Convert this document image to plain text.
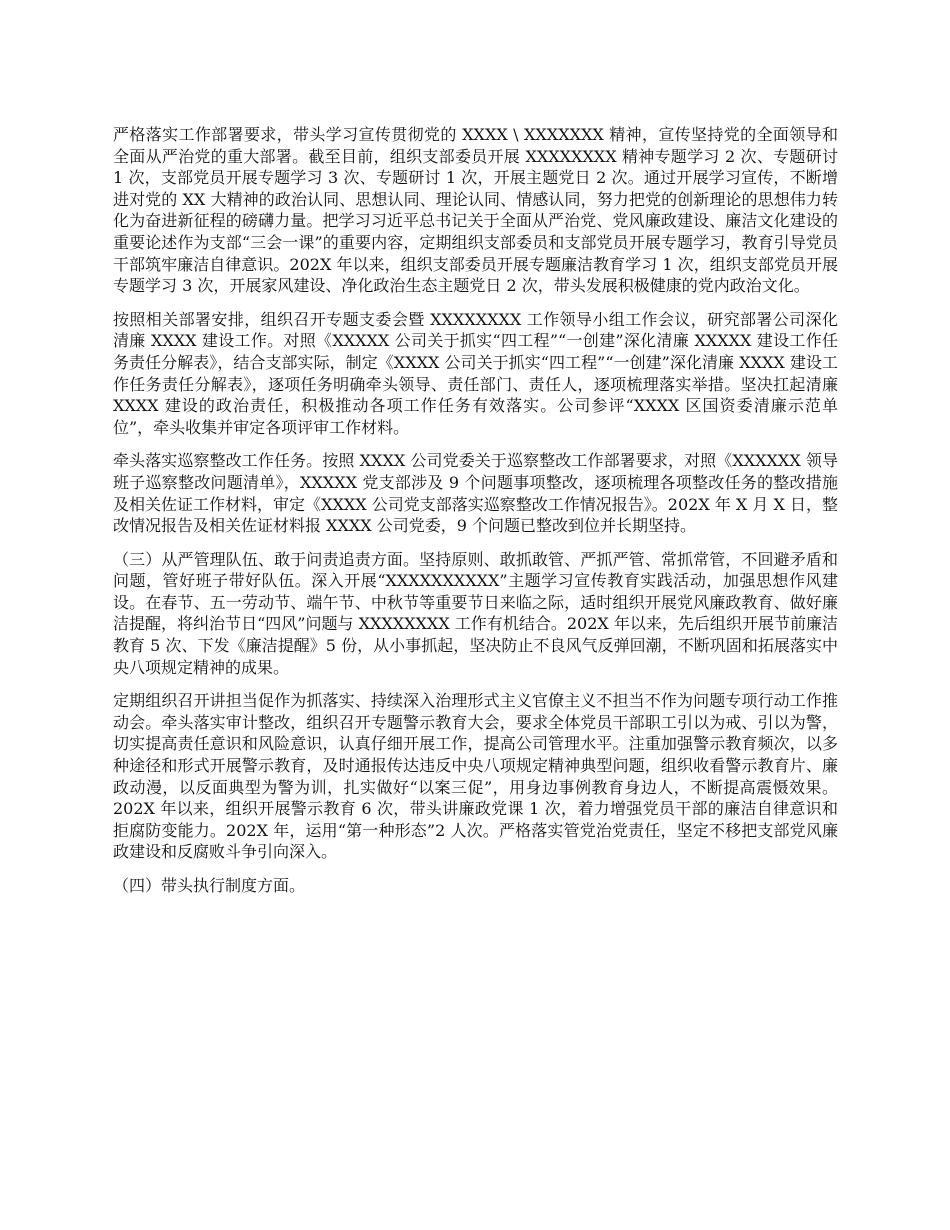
严格落实工作部署要求，带头学习宣传贯彻党的 XXXX \ XXXXXXX 精神，宣传坚持党的全面领导和全面从严治党的重大部署。截至目前，组织支部委员开展 XXXXXXXX 精神专题学习 2 次、专题研讨 1 次，支部党员开展专题学习 3 次、专题研讨 1 次，开展主题党日 2 次。通过开展学习宣传，不断增进对党的 XX 大精神的政治认同、思想认同、理论认同、情感认同，努力把党的创新理论的思想伟力转化为奋进新征程的磅礴力量。把学习习近平总书记关于全面从严治党、党风廉政建设、廉洁文化建设的重要论述作为支部“三会一课”的重要内容，定期组织支部委员和支部党员开展专题学习，教育引导党员干部筑牢廉洁自律意识。202X 年以来，组织支部委员开展专题廉洁教育学习 1 次，组织支部党员开展专题学习 3 次，开展家风建设、净化政治生态主题党日 2 次，带头发展积极健康的党内政治文化。

按照相关部署安排，组织召开专题支委会暨 XXXXXXXX 工作领导小组工作会议，研究部署公司深化清廉 XXXX 建设工作。对照《XXXXX 公司关于抓实“四工程”“一创建”深化清廉 XXXXX 建设工作任务责任分解表》，结合支部实际，制定《XXXX 公司关于抓实“四工程”“一创建”深化清廉 XXXX 建设工作任务责任分解表》，逐项任务明确牵头领导、责任部门、责任人，逐项梳理落实举措。坚决扛起清廉 XXXX 建设的政治责任，积极推动各项工作任务有效落实。公司参评“XXXX 区国资委清廉示范单位”，牵头收集并审定各项评审工作材料。

牵头落实巡察整改工作任务。按照 XXXX 公司党委关于巡察整改工作部署要求，对照《XXXXXX 领导班子巡察整改问题清单》，XXXXX 党支部涉及 9 个问题事项整改，逐项梳理各项整改任务的整改措施及相关佐证工作材料，审定《XXXX 公司党支部落实巡察整改工作情况报告》。202X 年 X 月 X 日，整改情况报告及相关佐证材料报 XXXX 公司党委，9 个问题已整改到位并长期坚持。

（三）从严管理队伍、敢于问责追责方面。坚持原则、敢抓敢管、严抓严管、常抓常管，不回避矛盾和问题，管好班子带好队伍。深入开展“XXXXXXXXXX”主题学习宣传教育实践活动，加强思想作风建设。在春节、五一劳动节、端午节、中秋节等重要节日来临之际，适时组织开展党风廉政教育、做好廉洁提醒，将纠治节日“四风”问题与 XXXXXXXX 工作有机结合。202X 年以来，先后组织开展节前廉洁教育 5 次、下发《廉洁提醒》5 份，从小事抓起，坚决防止不良风气反弹回潮，不断巩固和拓展落实中央八项规定精神的成果。

定期组织召开讲担当促作为抓落实、持续深入治理形式主义官僚主义不担当不作为问题专项行动工作推动会。牵头落实审计整改，组织召开专题警示教育大会，要求全体党员干部职工引以为戒、引以为警，切实提高责任意识和风险意识，认真仔细开展工作，提高公司管理水平。注重加强警示教育频次，以多种途径和形式开展警示教育，及时通报传达违反中央八项规定精神典型问题，组织收看警示教育片、廉政动漫，以反面典型为警为训，扎实做好“以案三促”，用身边事例教育身边人，不断提高震慑效果。202X 年以来，组织开展警示教育 6 次，带头讲廉政党课 1 次，着力增强党员干部的廉洁自律意识和拒腐防变能力。202X 年，运用“第一种形态”2 人次。严格落实管党治党责任，坚定不移把支部党风廉政建设和反腐败斗争引向深入。

（四）带头执行制度方面。
